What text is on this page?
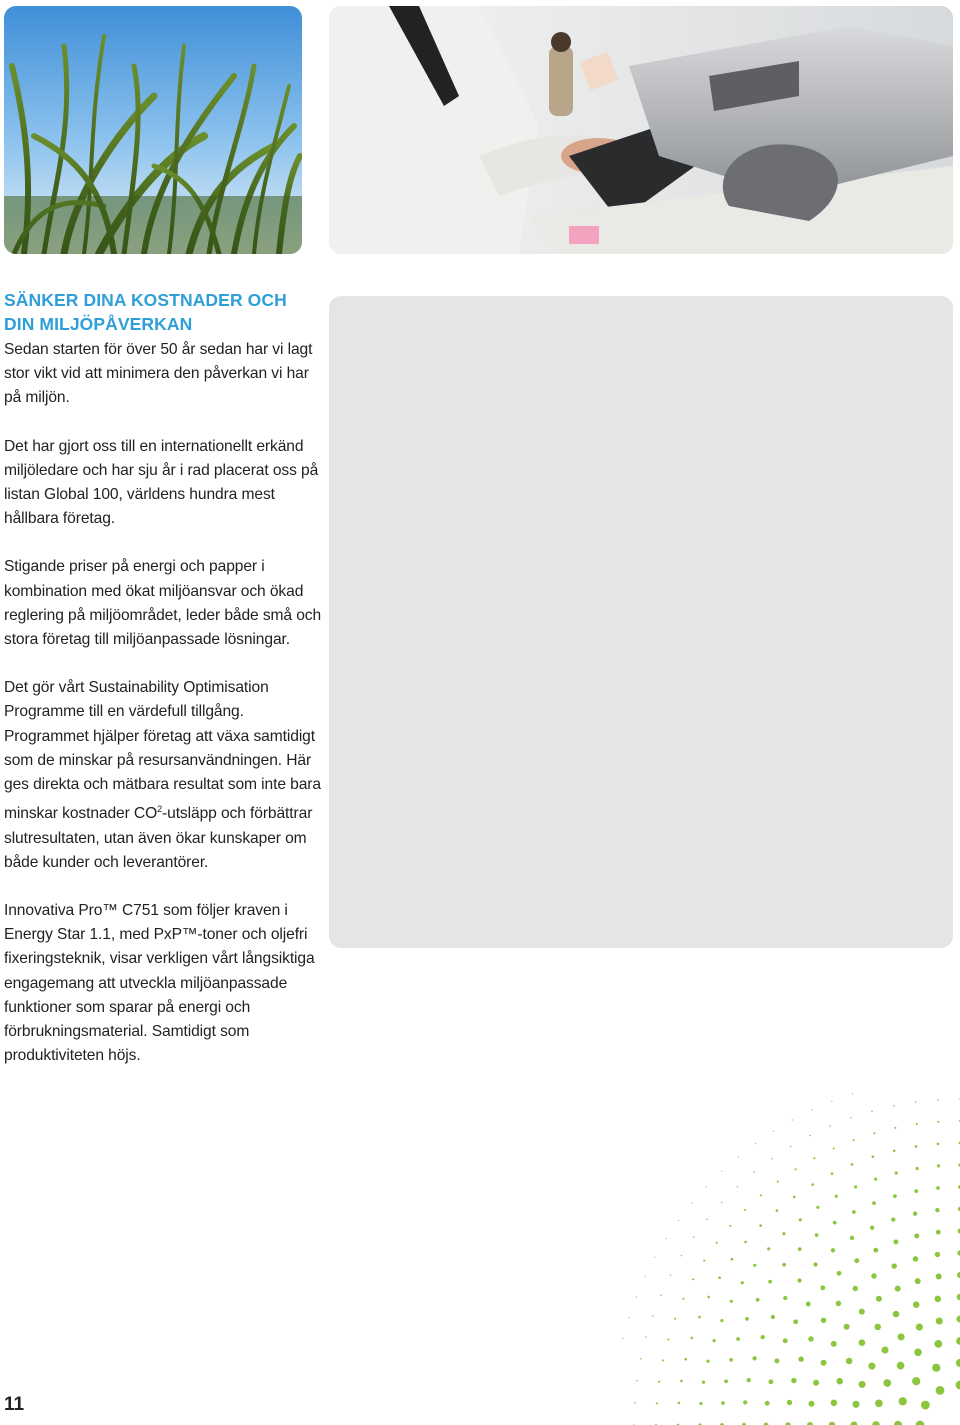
SÄNKER DINA KOSTNADER OCH
DIN MILJÖPÅVERKAN

Sedan starten för över 50 år sedan har vi lagt stor vikt vid att minimera den påverkan vi har på miljön.

Det har gjort oss till en internationellt erkänd miljöledare och har sju år i rad placerat oss på listan Global 100, världens hundra mest hållbara företag.

Stigande priser på energi och papper i kombination med ökat miljöansvar och ökad reglering på miljöområdet, leder både små och stora företag till miljöanpassade lösningar.

Det gör vårt Sustainability Optimisation Programme till en värdefull tillgång. Programmet hjälper företag att växa samtidigt som de minskar på resursanvändningen. Här ges direkta och mätbara resultat som inte bara minskar kostnader $CO^2$-utsläpp och förbättrar slutresultaten, utan även ökar kunskaper om både kunder och leverantörer.

Innovativa Pro™ C751 som följer kraven i Energy Star 1.1, med PxP™-toner och oljefri fixeringsteknik, visar verkligen vårt långsiktiga engagemang att utveckla miljöanpassade funktioner som sparar på energi och förbrukningsmaterial. Samtidigt som produktiviteten höjs.

11
